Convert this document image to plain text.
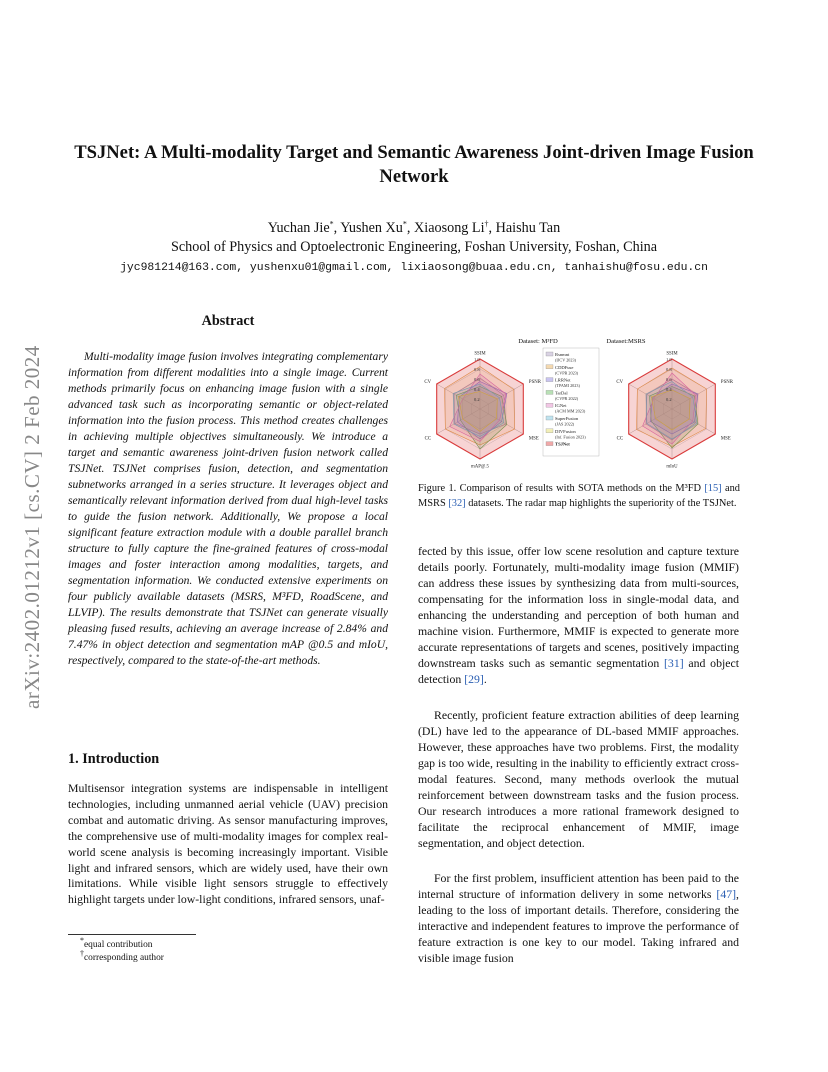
arXiv:2402.01212v1 [cs.CV] 2 Feb 2024
TSJNet: A Multi-modality Target and Semantic Awareness Joint-driven Image Fusion Network
Yuchan Jie*, Yushen Xu*, Xiaosong Li†, Haishu Tan
School of Physics and Optoelectronic Engineering, Foshan University, Foshan, China
jyc981214@163.com, yushenxu01@gmail.com, lixiaosong@buaa.edu.cn, tanhaishu@fosu.edu.cn
Abstract
Multi-modality image fusion involves integrating complementary information from different modalities into a single image. Current methods primarily focus on enhancing image fusion with a single advanced task such as incorporating semantic or object-related information into the fusion process. This method creates challenges in achieving multiple objectives simultaneously. We introduce a target and semantic awareness joint-driven fusion network called TSJNet. TSJNet comprises fusion, detection, and segmentation subnetworks arranged in a series structure. It leverages object and semantically relevant information derived from dual high-level tasks to guide the fusion network. Additionally, We propose a local significant feature extraction module with a double parallel branch structure to fully capture the fine-grained features of cross-modal images and foster interaction among modalities, targets, and segmentation information. We conducted extensive experiments on four publicly available datasets (MSRS, M³FD, RoadScene, and LLVIP). The results demonstrate that TSJNet can generate visually pleasing fused results, achieving an average increase of 2.84% and 7.47% in object detection and segmentation mAP @0.5 and mIoU, respectively, compared to the state-of-the-art methods.
1. Introduction
Multisensor integration systems are indispensable in intelligent technologies, including unmanned aerial vehicle (UAV) precision combat and automatic driving. As sensor manufacturing improves, the comprehensive use of multi-modality images for complex real-world scene analysis is becoming increasingly important. Visible light and infrared sensors, which are widely used, have their own limitations. While visible light sensors struggle to effectively highlight targets under low-light conditions, infrared sensors, unaf-
*equal contribution
†corresponding author
0.2
0.4
0.6
0.8
1.0
SSIM
PSNR
MSE
mAP@.5
CC
CV
Dataset: M³FD
0.2
0.4
0.6
0.8
1.0
SSIM
PSNR
MSE
mIoU
CC
CV
Dataset:MSRS
Rsnmnt
(IJCV 2023)
CDDFuse
(CVPR 2023)
LRRNet
(TPAMI 2023)
TarDal
(CVPR 2022)
IGNet
(ACM MM 2023)
SuperFusion
(JAS 2022)
DIVFusion
(Inf. Fusion 2023)
TSJNet
Figure 1. Comparison of results with SOTA methods on the M³FD [15] and MSRS [32] datasets. The radar map highlights the superiority of the TSJNet.
fected by this issue, offer low scene resolution and capture texture details poorly. Fortunately, multi-modality image fusion (MMIF) can address these issues by synthesizing data from multi-sources, compensating for the information loss in single-modal data, and enhancing the understanding and perception of both human and machine vision. Furthermore, MMIF is expected to generate more accurate representations of targets and scenes, positively impacting downstream tasks such as semantic segmentation [31] and object detection [29].
Recently, proficient feature extraction abilities of deep learning (DL) have led to the appearance of DL-based MMIF approaches. However, these approaches have two problems. First, the modality gap is too wide, resulting in the inability to efficiently extract cross-modal features. Second, many methods overlook the mutual reinforcement between downstream tasks and the fusion process. Our research introduces a more rational framework designed to facilitate the reciprocal enhancement of MMIF, image segmentation, and object detection.
For the first problem, insufficient attention has been paid to the internal structure of information delivery in some networks [47], leading to the loss of important details. Therefore, considering the interactive and independent features to improve the performance of feature extraction is one key to our model. Taking infrared and visible image fusion
